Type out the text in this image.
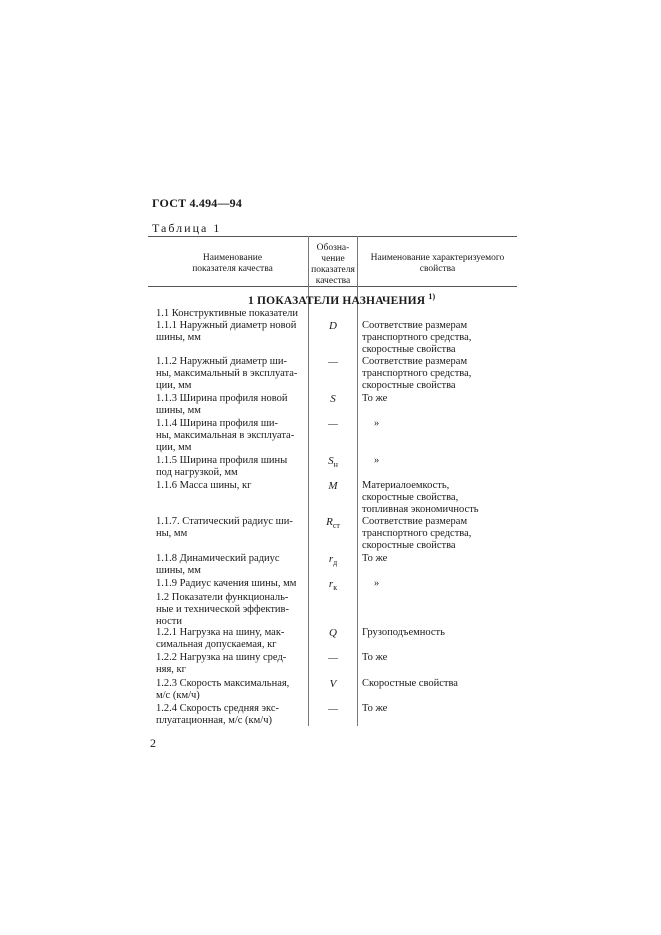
ГОСТ 4.494—94
Таблица 1
Наименование
показателя качества
Обозна-
чение
показателя
качества
Наименование характеризуемого
свойства
1 ПОКАЗАТЕЛИ НАЗНАЧЕНИЯ $^{1)}$
1.1 Конструктивные показатели
1.1.1 Наружный диаметр новой
шины, мм
D	Соответствие размерам
транспортного средства,
скоростные свойства
1.1.2 Наружный диаметр ши-
ны, максимальный в эксплуата-
ции, мм
—	Соответствие размерам
транспортного средства,
скоростные свойства
1.1.3 Ширина профиля новой
шины, мм
S	То же
1.1.4 Ширина профиля ши-
ны, максимальная в эксплуата-
ции, мм
—	»
1.1.5 Ширина профиля шины
под нагрузкой, мм
$S_н$	»
1.1.6 Масса шины, кг	M	Материалоемкость,
скоростные свойства,
топливная экономичность
1.1.7. Статический радиус ши-
ны, мм
$R_{ст}$	Соответствие размерам
транспортного средства,
скоростные свойства
1.1.8 Динамический радиус
шины, мм
$r_д$	То же
1.1.9 Радиус качения шины, мм	$r_к$	»
1.2 Показатели функциональ-
ные и технической эффектив-
ности
1.2.1 Нагрузка на шину, мак-
симальная допускаемая, кг
Q	Грузоподъемность
1.2.2 Нагрузка на шину сред-
няя, кг
—	То же
1.2.3 Скорость максимальная,
м/с (км/ч)
V	Скоростные свойства
1.2.4 Скорость средняя экс-
плуатационная, м/с (км/ч)
—	То же
2
